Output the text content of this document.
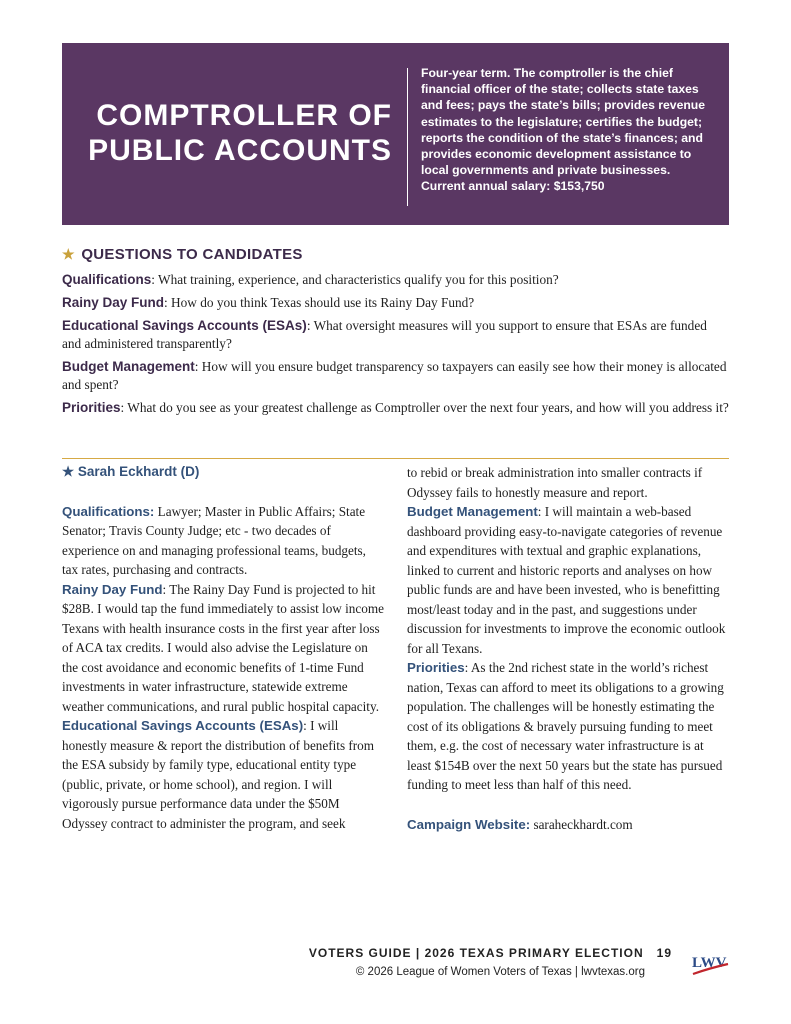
COMPTROLLER OF
PUBLIC ACCOUNTS
Four-year term. The comptroller is the chief financial officer of the state; collects state taxes and fees; pays the state’s bills; provides revenue estimates to the legislature; certifies the budget; reports the condition of the state’s finances; and provides economic development assistance to local governments and private businesses. Current annual salary: $153,750
★ QUESTIONS TO CANDIDATES
Qualifications: What training, experience, and characteristics qualify you for this position?
Rainy Day Fund: How do you think Texas should use its Rainy Day Fund?
Educational Savings Accounts (ESAs): What oversight measures will you support to ensure that ESAs are funded and administered transparently?
Budget Management: How will you ensure budget transparency so taxpayers can easily see how their money is allocated and spent?
Priorities: What do you see as your greatest challenge as Comptroller over the next four years, and how will you address it?
★ Sarah Eckhardt (D)

Qualifications: Lawyer; Master in Public Affairs; State Senator; Travis County Judge; etc - two decades of experience on and managing professional teams, budgets, tax rates, purchasing and contracts.

Rainy Day Fund: The Rainy Day Fund is projected to hit $28B. I would tap the fund immediately to assist low income Texans with health insurance costs in the first year after loss of ACA tax credits. I would also advise the Legislature on the cost avoidance and economic benefits of 1-time Fund investments in water infrastructure, statewide extreme weather communications, and rural public hospital capacity.

Educational Savings Accounts (ESAs): I will honestly measure & report the distribution of benefits from the ESA subsidy by family type, educational entity type (public, private, or home school), and region. I will vigorously pursue performance data under the $50M Odyssey contract to administer the program, and seek

to rebid or break administration into smaller contracts if Odyssey fails to honestly measure and report.

Budget Management: I will maintain a web-based dashboard providing easy-to-navigate categories of revenue and expenditures with textual and graphic explanations, linked to current and historic reports and analyses on how public funds are and have been invested, who is benefitting most/least today and in the past, and suggestions under discussion for investments to improve the economic outlook for all Texans.

Priorities: As the 2nd richest state in the world’s richest nation, Texas can afford to meet its obligations to a growing population. The challenges will be honestly estimating the cost of its obligations & bravely pursuing funding to meet them, e.g. the cost of necessary water infrastructure is at least $154B over the next 50 years but the state has pursued funding to meet less than half of this need.

Campaign Website: saraheckhardt.com

VOTERS GUIDE | 2026 TEXAS PRIMARY ELECTION 19
© 2026 League of Women Voters of Texas | lwvtexas.org
LWV
